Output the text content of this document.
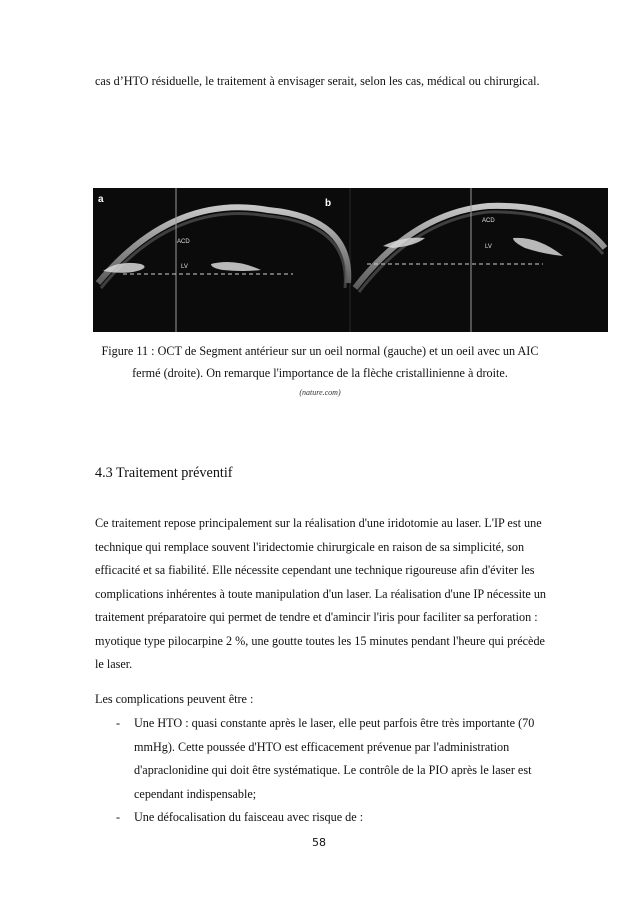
cas d’HTO résiduelle, le traitement à envisager serait, selon les cas, médical ou chirurgical.

a
ACD
LV
b
ACD
LV
Figure 11 : OCT de Segment antérieur sur un oeil normal (gauche) et un oeil avec un AIC fermé (droite). On remarque l'importance de la flèche cristallinienne à droite.
(nature.com)
4.3 Traitement préventif

Ce traitement repose principalement sur la réalisation d'une iridotomie au laser. L'IP est une technique qui remplace souvent l'iridectomie chirurgicale en raison de sa simplicité, son efficacité et sa fiabilité. Elle nécessite cependant une technique rigoureuse afin d'éviter les complications inhérentes à toute manipulation d'un laser. La réalisation d'une IP nécessite un traitement préparatoire qui permet de tendre et d'amincir l'iris pour faciliter sa perforation : myotique type pilocarpine 2 %, une goutte toutes les 15 minutes pendant l'heure qui précède le laser.

Les complications peuvent être :

- Une HTO : quasi constante après le laser, elle peut parfois être très importante (70 mmHg). Cette poussée d'HTO est efficacement prévenue par l'administration d'apraclonidine qui doit être systématique. Le contrôle de la PIO après le laser est cependant indispensable;
- Une défocalisation du faisceau avec risque de :
58
